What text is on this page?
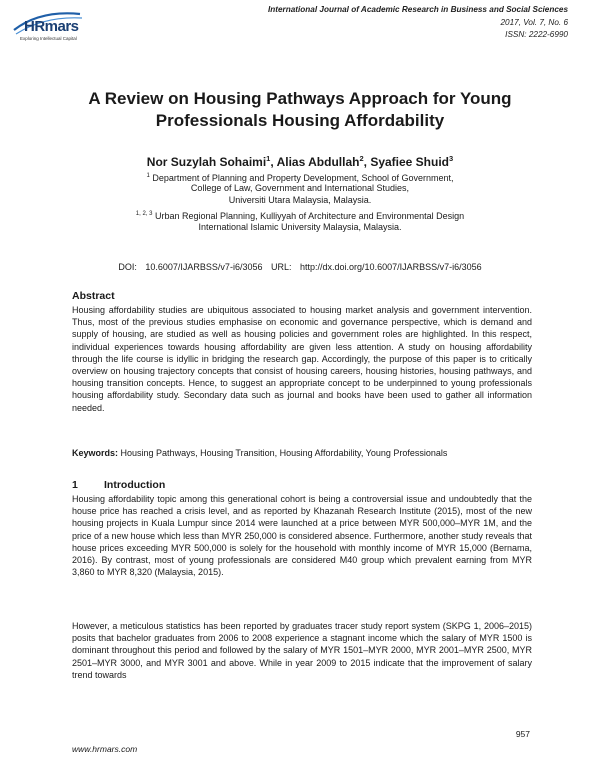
HRmars
Exploring Intellectual Capital
International Journal of Academic Research in Business and Social Sciences
2017, Vol. 7, No. 6
ISSN: 2222-6990
A Review on Housing Pathways Approach for Young
Professionals Housing Affordability
Nor Suzylah Sohaimi$^1$, Alias Abdullah$^2$, Syafiee Shuid$^3$
$^1$ Department of Planning and Property Development, School of Government,
College of Law, Government and International Studies,
Universiti Utara Malaysia, Malaysia.
$^{1, 2, 3}$ Urban Regional Planning, Kulliyyah of Architecture and Environmental Design
International Islamic University Malaysia, Malaysia.
DOI: 10.6007/IJARBSS/v7-i6/3056 URL: http://dx.doi.org/10.6007/IJARBSS/v7-i6/3056
Abstract

Housing affordability studies are ubiquitous associated to housing market analysis and government intervention. Thus, most of the previous studies emphasise on economic and governance perspective, which is demand and supply of housing, are studied as well as housing policies and government roles are highlighted. In this respect, individual experiences towards housing affordability are given less attention. A study on housing affordability through the life course is idyllic in bridging the research gap. Accordingly, the purpose of this paper is to critically overview on housing trajectory concepts that consist of housing careers, housing histories, housing pathways, and housing transition concepts. Hence, to suggest an appropriate concept to be underpinned to young professionals housing affordability study. Secondary data such as journal and books have been used to gather all information needed.

Keywords: Housing Pathways, Housing Transition, Housing Affordability, Young Professionals
1 Introduction

Housing affordability topic among this generational cohort is being a controversial issue and undoubtedly that the house price has reached a crisis level, and as reported by Khazanah Research Institute (2015), most of the new housing projects in Kuala Lumpur since 2014 were launched at a price between MYR 500,000–MYR 1M, and the price of a new house which less than MYR 250,000 is considered absence. Furthermore, another study reveals that house prices exceeding MYR 500,000 is solely for the household with monthly income of MYR 15,000 (Bernama, 2016). By contrast, most of young professionals are considered M40 group which prevalent earning from MYR 3,860 to MYR 8,320 (Malaysia, 2015).

However, a meticulous statistics has been reported by graduates tracer study report system (SKPG 1, 2006–2015) posits that bachelor graduates from 2006 to 2008 experience a stagnant income which the salary of MYR 1500 is dominant throughout this period and followed by the salary of MYR 1501–MYR 2000, MYR 2001–MYR 2500, MYR 2501–MYR 3000, and MYR 3001 and above. While in year 2009 to 2015 indicate that the improvement of salary trend towards

957
www.hrmars.com
